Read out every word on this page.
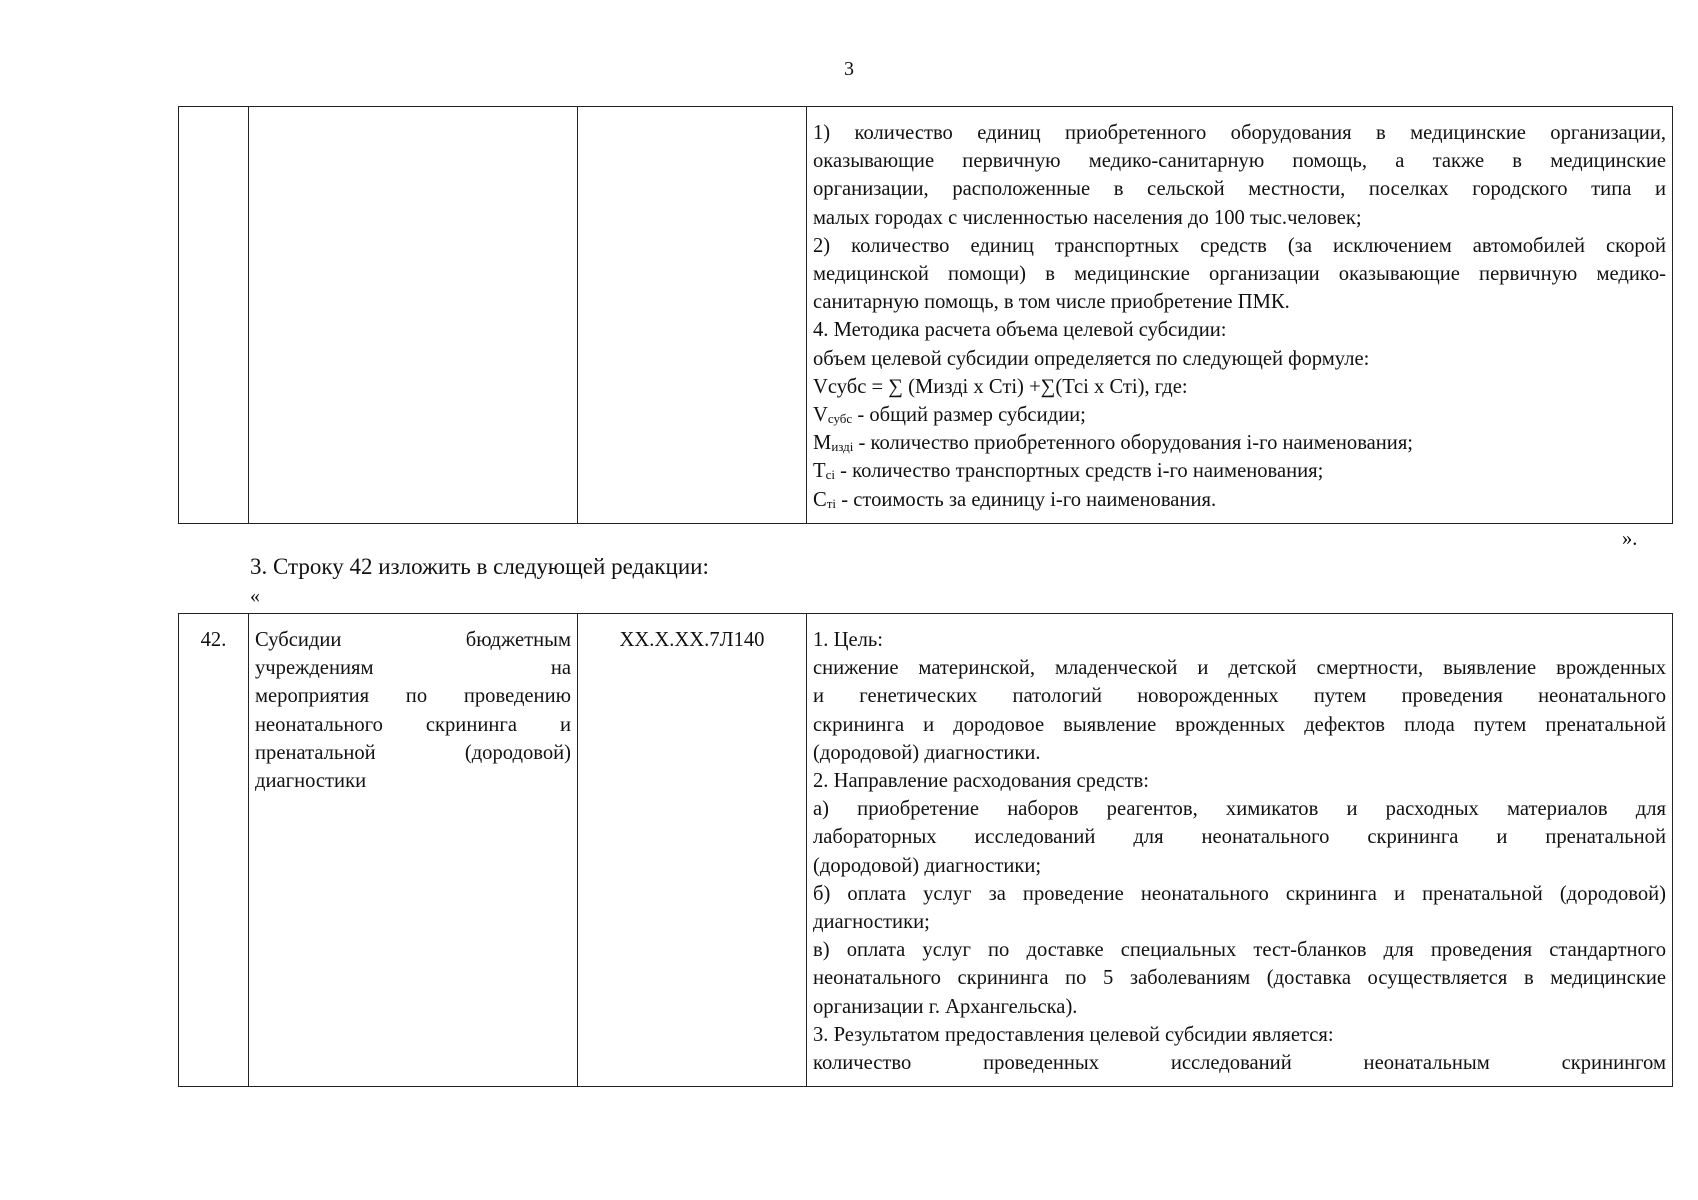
3

1) количество единиц приобретенного оборудования в медицинские организации,
оказывающие первичную медико-санитарную помощь, а также в медицинские
организации, расположенные в сельской местности, поселках городского типа и
малых городах с численностью населения до 100 тыс.человек;
2) количество единиц транспортных средств (за исключением автомобилей скорой
медицинской помощи) в медицинские организации оказывающие первичную медико-
санитарную помощь, в том числе приобретение ПМК.
4. Методика расчета объема целевой субсидии:
объем целевой субсидии определяется по следующей формуле:
Vсубс = ∑ (Мизді х Сті) +∑(Тсі х Сті), где:
$V_{субс}$ - общий размер субсидии;
$М_{изді}$ - количество приобретенного оборудования і-го наименования;
$Т_{сі}$ - количество транспортных средств і-го наименования;
$С_{ті}$ - стоимость за единицу і-го наименования.
».
3. Строку 42 изложить в следующей редакции:
«
42.	Субсидии бюджетным
учреждениям на
мероприятия по проведению
неонатального скрининга и
пренатальной (дородовой)
диагностики
	XX.X.XX.7Л140	1. Цель:
снижение материнской, младенческой и детской смертности, выявление врожденных
и генетических патологий новорожденных путем проведения неонатального
скрининга и дородовое выявление врожденных дефектов плода путем пренатальной
(дородовой) диагностики.
2. Направление расходования средств:
а) приобретение наборов реагентов, химикатов и расходных материалов для
лабораторных исследований для неонатального скрининга и пренатальной
(дородовой) диагностики;
б) оплата услуг за проведение неонатального скрининга и пренатальной (дородовой)
диагностики;
в) оплата услуг по доставке специальных тест-бланков для проведения стандартного
неонатального скрининга по 5 заболеваниям (доставка осуществляется в медицинские
организации г. Архангельска).
3. Результатом предоставления целевой субсидии является:
количество проведенных исследований неонатальным скринингом
